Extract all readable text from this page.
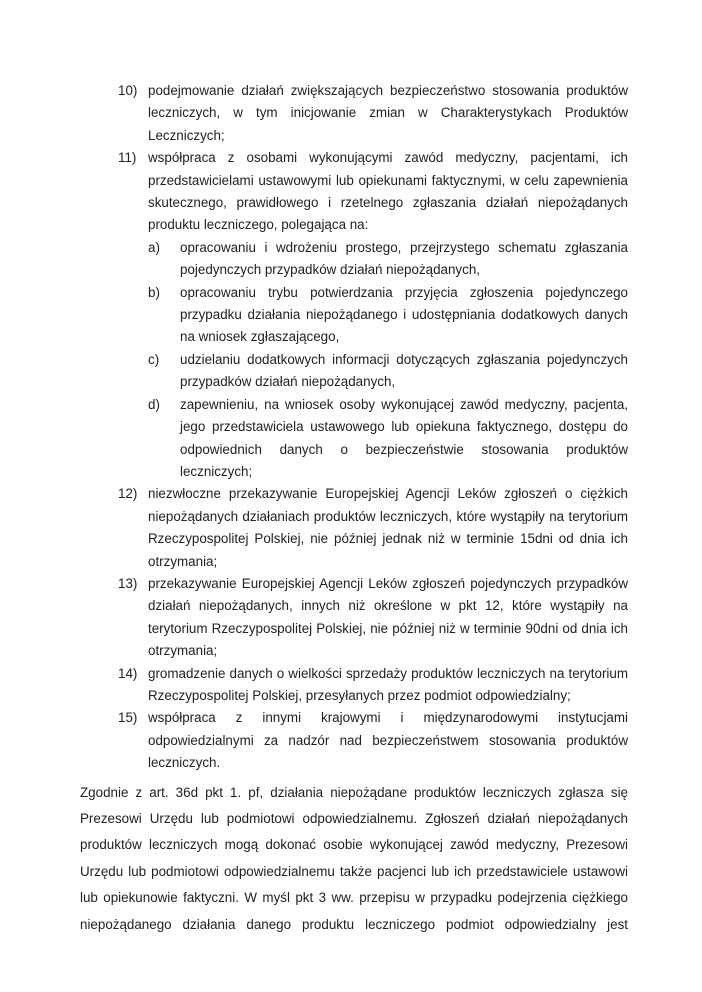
10) podejmowanie działań zwiększających bezpieczeństwo stosowania produktów leczniczych, w tym inicjowanie zmian w Charakterystykach Produktów Leczniczych;
11) współpraca z osobami wykonującymi zawód medyczny, pacjentami, ich przedstawicielami ustawowymi lub opiekunami faktycznymi, w celu zapewnienia skutecznego, prawidłowego i rzetelnego zgłaszania działań niepożądanych produktu leczniczego, polegająca na:
a) opracowaniu i wdrożeniu prostego, przejrzystego schematu zgłaszania pojedynczych przypadków działań niepożądanych,
b) opracowaniu trybu potwierdzania przyjęcia zgłoszenia pojedynczego przypadku działania niepożądanego i udostępniania dodatkowych danych na wniosek zgłaszającego,
c) udzielaniu dodatkowych informacji dotyczących zgłaszania pojedynczych przypadków działań niepożądanych,
d) zapewnieniu, na wniosek osoby wykonującej zawód medyczny, pacjenta, jego przedstawiciela ustawowego lub opiekuna faktycznego, dostępu do odpowiednich danych o bezpieczeństwie stosowania produktów leczniczych;
12) niezwłoczne przekazywanie Europejskiej Agencji Leków zgłoszeń o ciężkich niepożądanych działaniach produktów leczniczych, które wystąpiły na terytorium Rzeczypospolitej Polskiej, nie później jednak niż w terminie 15dni od dnia ich otrzymania;
13) przekazywanie Europejskiej Agencji Leków zgłoszeń pojedynczych przypadków działań niepożądanych, innych niż określone w pkt 12, które wystąpiły na terytorium Rzeczypospolitej Polskiej, nie później niż w terminie 90dni od dnia ich otrzymania;
14) gromadzenie danych o wielkości sprzedaży produktów leczniczych na terytorium Rzeczypospolitej Polskiej, przesyłanych przez podmiot odpowiedzialny;
15) współpraca z innymi krajowymi i międzynarodowymi instytucjami odpowiedzialnymi za nadzór nad bezpieczeństwem stosowania produktów leczniczych.
Zgodnie z art. 36d pkt 1. pf, działania niepożądane produktów leczniczych zgłasza się Prezesowi Urzędu lub podmiotowi odpowiedzialnemu. Zgłoszeń działań niepożądanych produktów leczniczych mogą dokonać osobie wykonującej zawód medyczny, Prezesowi Urzędu lub podmiotowi odpowiedzialnemu także pacjenci lub ich przedstawiciele ustawowi lub opiekunowie faktyczni. W myśl pkt 3 ww. przepisu w przypadku podejrzenia ciężkiego niepożądanego działania danego produktu leczniczego podmiot odpowiedzialny jest
